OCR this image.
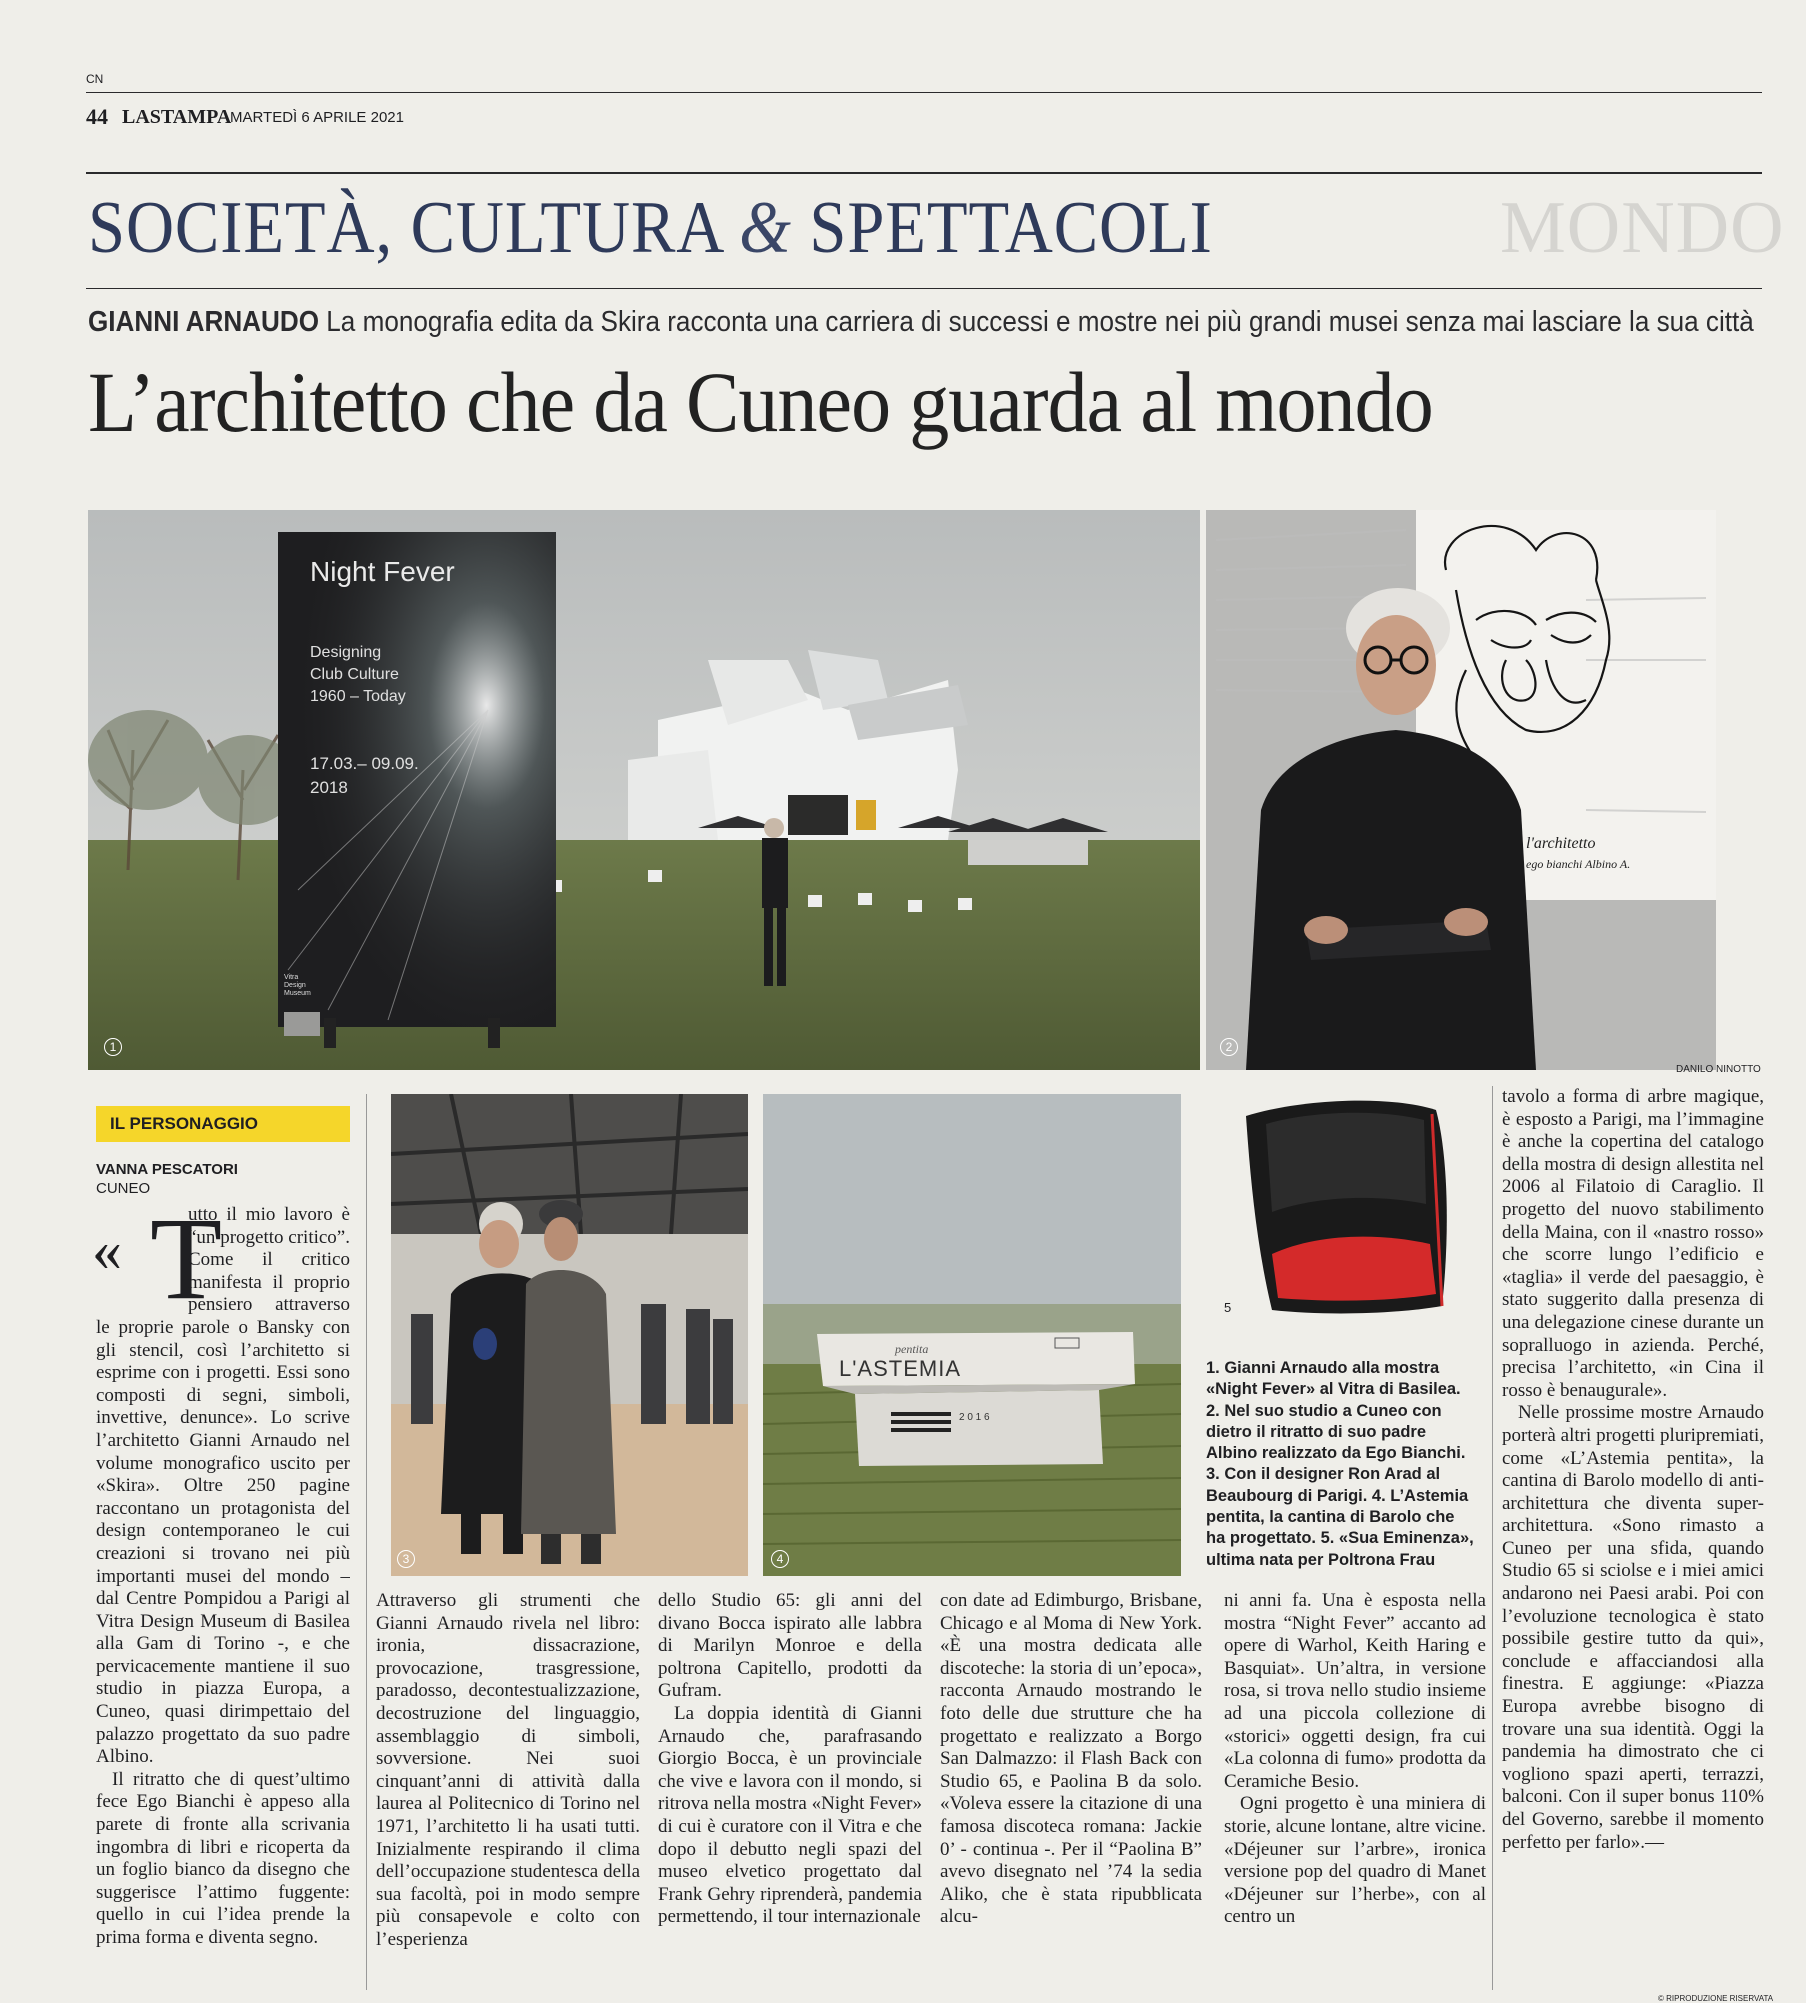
CN
44 LASTAMPA
MARTEDÌ 6 APRILE 2021
MONDO
SOCIETÀ, CULTURA & SPETTACOLI
GIANNI ARNAUDO La monografia edita da Skira racconta una carriera di successi e mostre nei più grandi musei senza mai lasciare la sua città
L’architetto che da Cuneo guarda al mondo
Night Fever
Designing
Club Culture
1960 – Today
17.03.– 09.09.
2018
Vitra
Design
Museum
1
l'architetto
ego bianchi Albino A.
2
DANILO NINOTTO
IL PERSONAGGIO
VANNA PESCATORI
CUNEO
« T

utto il mio lavoro è “un progetto critico”. Come il critico manifesta il proprio pensiero attraverso le proprie parole o Bansky con gli stencil, così l’architetto si esprime con i progetti. Essi sono composti di segni, simboli, invettive, denunce». Lo scrive l’architetto Gianni Arnaudo nel volume monografico uscito per «Skira». Oltre 250 pagine raccontano un protagonista del design contemporaneo le cui creazioni si trovano nei più importanti musei del mondo – dal Centre Pompidou a Parigi al Vitra Design Museum di Basilea alla Gam di Torino -, e che pervicacemente mantiene il suo studio in piazza Europa, a Cuneo, quasi dirimpettaio del palazzo progettato da suo padre Albino.

Il ritratto che di quest’ultimo fece Ego Bianchi è appeso alla parete di fronte alla scrivania ingombra di libri e ricoperta da un foglio bianco da disegno che suggerisce l’attimo fuggente: quello in cui l’idea prende la prima forma e diventa segno.

3
pentita
L'ASTEMIA
2 0 1 6
4
5
1. Gianni Arnaudo alla mostra «Night Fever» al Vitra di Basilea. 2. Nel suo studio a Cuneo con dietro il ritratto di suo padre Albino realizzato da Ego Bianchi. 3. Con il designer Ron Arad al Beaubourg di Parigi. 4. L’Astemia pentita, la cantina di Barolo che ha progettato. 5. «Sua Eminenza», ultima nata per Poltrona Frau

Attraverso gli strumenti che Gianni Arnaudo rivela nel libro: ironia, dissacrazione, provocazione, trasgressione, paradosso, decontestualizzazione, decostruzione del linguaggio, assemblaggio di simboli, sovversione. Nei suoi cinquant’anni di attività dalla laurea al Politecnico di Torino nel 1971, l’architetto li ha usati tutti. Inizialmente respirando il clima dell’occupazione studentesca della sua facoltà, poi in modo sempre più consapevole e colto con l’esperienza

dello Studio 65: gli anni del divano Bocca ispirato alle labbra di Marilyn Monroe e della poltrona Capitello, prodotti da Gufram.

La doppia identità di Gianni Arnaudo che, parafrasando Giorgio Bocca, è un provinciale che vive e lavora con il mondo, si ritrova nella mostra «Night Fever» di cui è curatore con il Vitra e che dopo il debutto negli spazi del museo elvetico progettato dal Frank Gehry riprenderà, pandemia permettendo, il tour internazionale

con date ad Edimburgo, Brisbane, Chicago e al Moma di New York. «È una mostra dedicata alle discoteche: la storia di un’epoca», racconta Arnaudo mostrando le foto delle due strutture che ha progettato e realizzato a Borgo San Dalmazzo: il Flash Back con Studio 65, e Paolina B da solo. «Voleva essere la citazione di una famosa discoteca romana: Jackie 0’ - continua -. Per il “Paolina B” avevo disegnato nel ’74 la sedia Aliko, che è stata ripubblicata alcu-

ni anni fa. Una è esposta nella mostra “Night Fever” accanto ad opere di Warhol, Keith Haring e Basquiat». Un’altra, in versione rosa, si trova nello studio insieme ad una piccola collezione di «storici» oggetti design, fra cui «La colonna di fumo» prodotta da Ceramiche Besio.

Ogni progetto è una miniera di storie, alcune lontane, altre vicine. «Déjeuner sur l’arbre», ironica versione pop del quadro di Manet «Déjeuner sur l’herbe», con al centro un

tavolo a forma di arbre magique, è esposto a Parigi, ma l’immagine è anche la copertina del catalogo della mostra di design allestita nel 2006 al Filatoio di Caraglio. Il progetto del nuovo stabilimento della Maina, con il «nastro rosso» che scorre lungo l’edificio e «taglia» il verde del paesaggio, è stato suggerito dalla presenza di una delegazione cinese durante un sopralluogo in azienda. Perché, precisa l’architetto, «in Cina il rosso è benaugurale».

Nelle prossime mostre Arnaudo porterà altri progetti pluripremiati, come «L’Astemia pentita», la cantina di Barolo modello di anti-architettura che diventa super-architettura. «Sono rimasto a Cuneo per una sfida, quando Studio 65 si sciolse e i miei amici andarono nei Paesi arabi. Poi con l’evoluzione tecnologica è stato possibile gestire tutto da qui», conclude e affacciandosi alla finestra. E aggiunge: «Piazza Europa avrebbe bisogno di trovare una sua identità. Oggi la pandemia ha dimostrato che ci vogliono spazi aperti, terrazzi, balconi. Con il super bonus 110% del Governo, sarebbe il momento perfetto per farlo».—

© RIPRODUZIONE RISERVATA
